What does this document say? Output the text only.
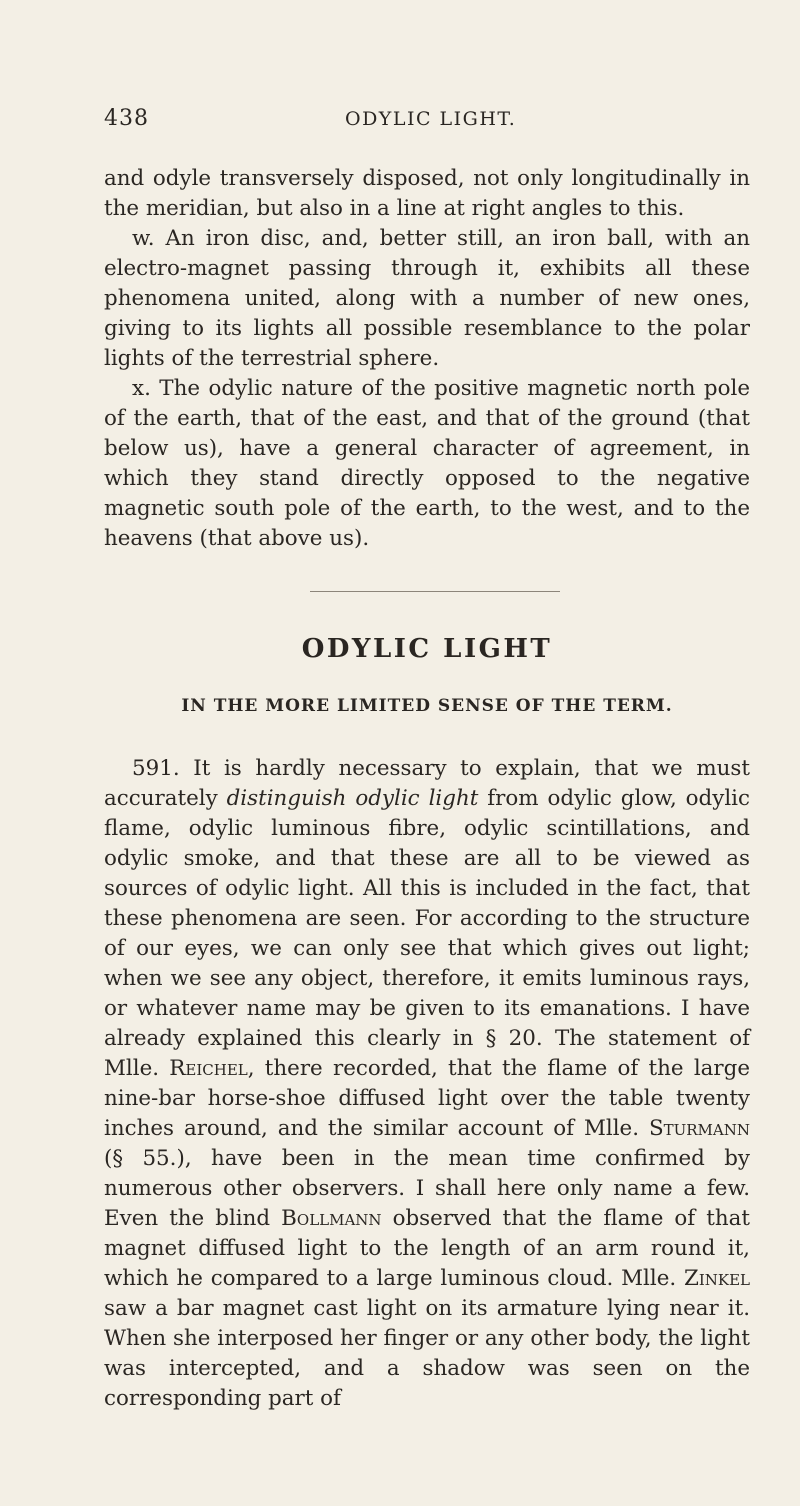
438	ODYLIC LIGHT.

and odyle transversely disposed, not only longitudinally in the meridian, but also in a line at right angles to this.

w. An iron disc, and, better still, an iron ball, with an electro-magnet passing through it, exhibits all these phenomena united, along with a number of new ones, giving to its lights all possible resemblance to the polar lights of the terrestrial sphere.

x. The odylic nature of the positive magnetic north pole of the earth, that of the east, and that of the ground (that below us), have a general character of agreement, in which they stand directly opposed to the negative magnetic south pole of the earth, to the west, and to the heavens (that above us).

ODYLIC LIGHT
IN THE MORE LIMITED SENSE OF THE TERM.

591. It is hardly necessary to explain, that we must accurately distinguish odylic light from odylic glow, odylic flame, odylic luminous fibre, odylic scintillations, and odylic smoke, and that these are all to be viewed as sources of odylic light. All this is included in the fact, that these phenomena are seen. For according to the structure of our eyes, we can only see that which gives out light; when we see any object, therefore, it emits luminous rays, or whatever name may be given to its emanations. I have already explained this clearly in § 20. The statement of Mlle. Reichel, there recorded, that the flame of the large nine-bar horse-shoe diffused light over the table twenty inches around, and the similar account of Mlle. Sturmann (§ 55.), have been in the mean time confirmed by numerous other observers. I shall here only name a few. Even the blind Bollmann observed that the flame of that magnet diffused light to the length of an arm round it, which he compared to a large luminous cloud. Mlle. Zinkel saw a bar magnet cast light on its armature lying near it. When she interposed her finger or any other body, the light was intercepted, and a shadow was seen on the corresponding part of
